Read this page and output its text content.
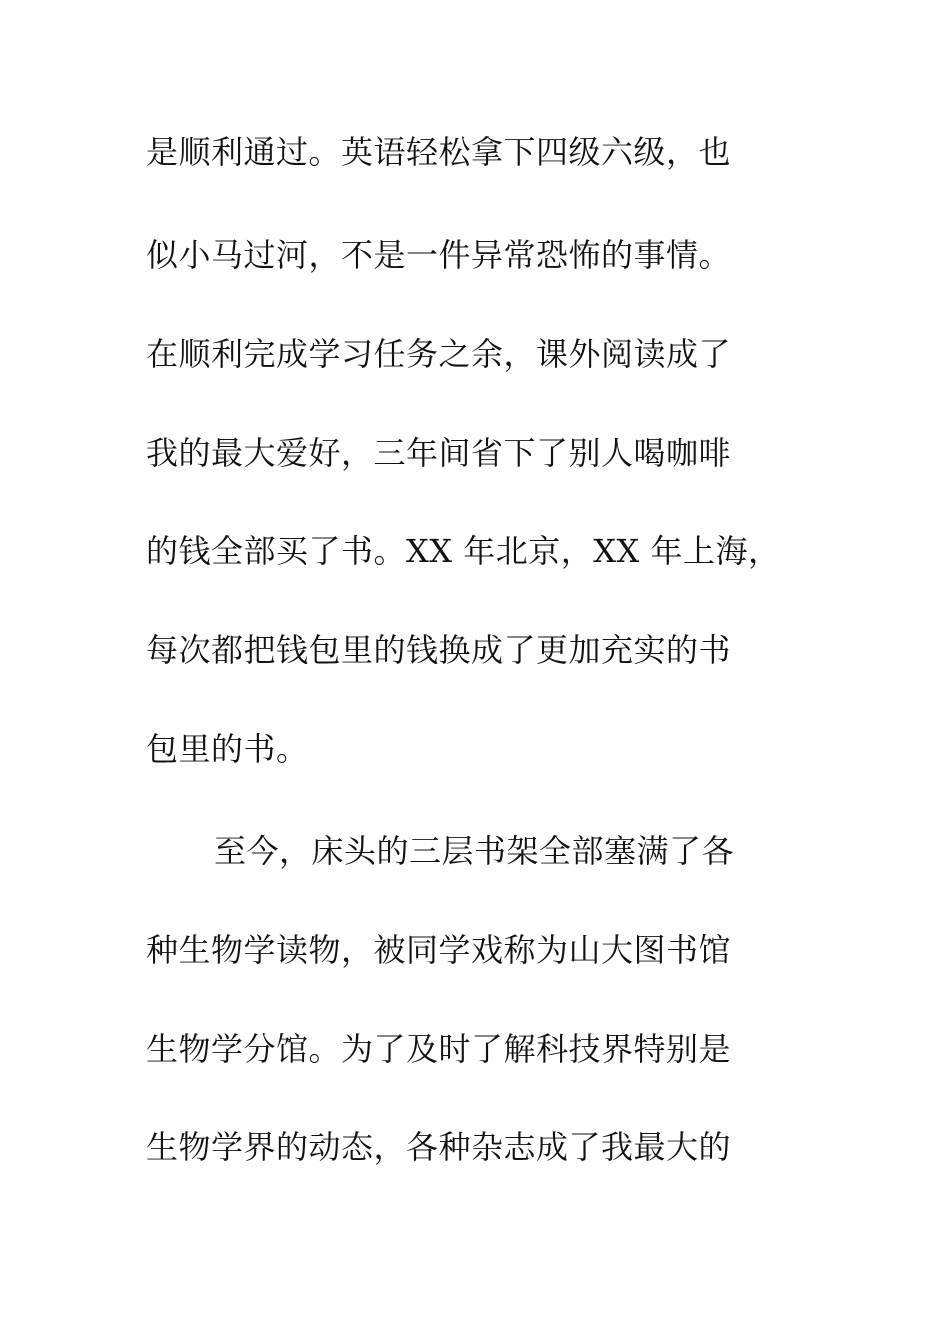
是顺利通过。英语轻松拿下四级六级，也
似小马过河，不是一件异常恐怖的事情。
在顺利完成学习任务之余，课外阅读成了
我的最大爱好，三年间省下了别人喝咖啡
的钱全部买了书。XX 年北京，XX 年上海，
每次都把钱包里的钱换成了更加充实的书
包里的书。
至今，床头的三层书架全部塞满了各
种生物学读物，被同学戏称为山大图书馆
生物学分馆。为了及时了解科技界特别是
生物学界的动态，各种杂志成了我最大的
